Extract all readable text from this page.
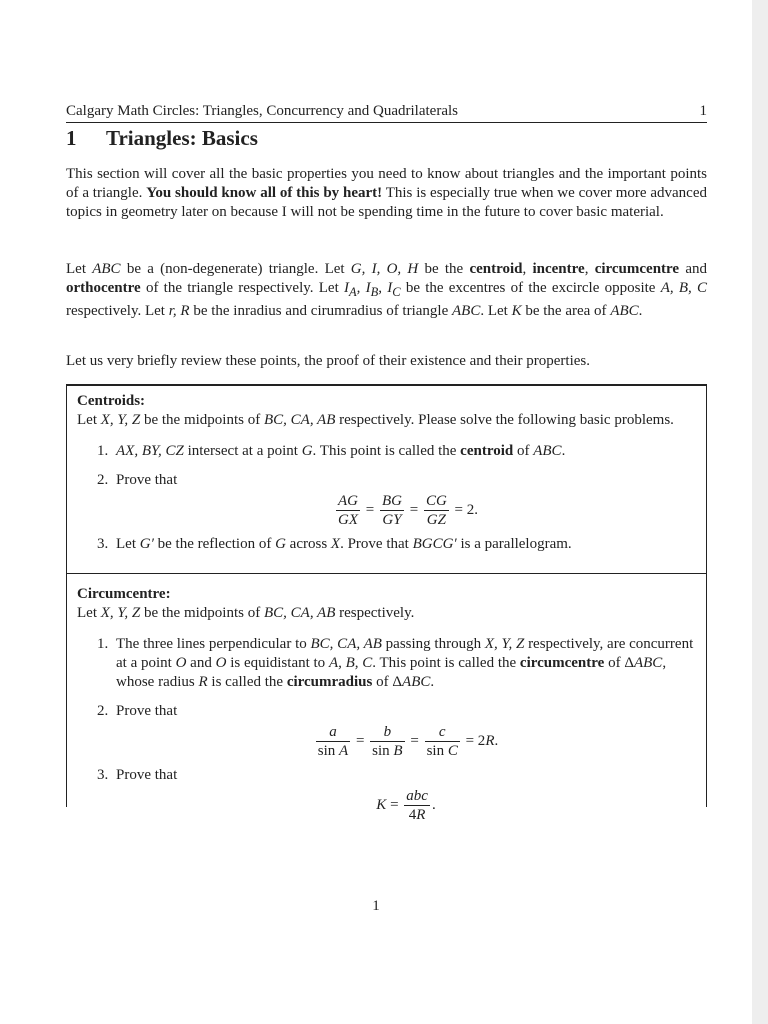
Calgary Math Circles: Triangles, Concurrency and Quadrilaterals	1
1 Triangles: Basics
This section will cover all the basic properties you need to know about triangles and the important points of a triangle. You should know all of this by heart! This is especially true when we cover more advanced topics in geometry later on because I will not be spending time in the future to cover basic material.
Let ABC be a (non-degenerate) triangle. Let G, I, O, H be the centroid, incentre, circumcentre and orthocentre of the triangle respectively. Let $I_A$, $I_B$, $I_C$ be the excentres of the excircle opposite A, B, C respectively. Let r, R be the inradius and cirumradius of triangle ABC. Let K be the area of ABC.
Let us very briefly review these points, the proof of their existence and their properties.
Centroids:
Let X, Y, Z be the midpoints of BC, CA, AB respectively. Please solve the following basic problems.
1. AX, BY, CZ intersect at a point G. This point is called the centroid of ABC.
2. Prove that
$\frac{AG}{GX} = \frac{BG}{GY} = \frac{CG}{GZ} = 2$.
3. Let G′ be the reflection of G across X. Prove that BGCG′ is a parallelogram.
Circumcentre:
Let X, Y, Z be the midpoints of BC, CA, AB respectively.
1. The three lines perpendicular to BC, CA, AB passing through X, Y, Z respectively, are concurrent at a point O and O is equidistant to A, B, C. This point is called the circumcentre of ΔABC, whose radius R is called the circumradius of ΔABC.
2. Prove that
$\frac{a}{\text{sin A}} = \frac{b}{\text{sin B}} = \frac{c}{\text{sin C}} = 2R$.
3. Prove that
$K = \frac{\text{abc}}{4R}$ .
1
